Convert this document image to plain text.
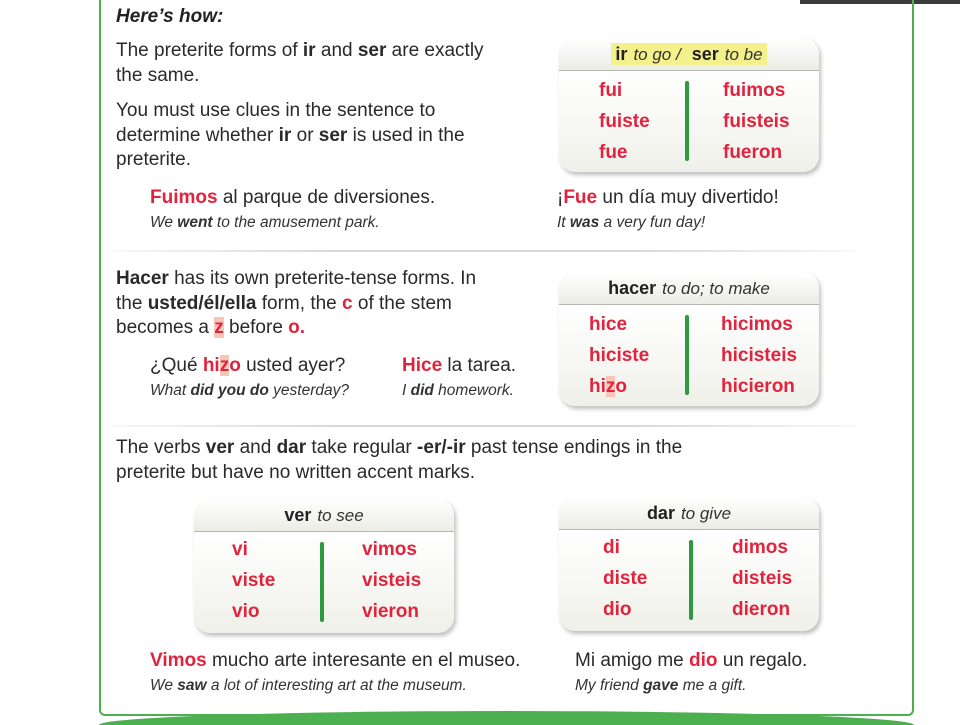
Here’s how:
The preterite forms of ir and ser are exactly
the same.
You must use clues in the sentence to
determine whether ir or ser is used in the
preterite.
Fuimos al parque de diversiones.
We went to the amusement park.
¡Fue un día muy divertido!
It was a very fun day!
ir to go / ser to be
fui
fuiste
fue
fuimos
fuisteis
fueron
Hacer has its own preterite-tense forms. In
the usted/él/ella form, the c of the stem
becomes a z before o.
¿Qué hizo usted ayer?
What did you do yesterday?
Hice la tarea.
I did homework.
hacer to do; to make
hice
hiciste
hizo
hicimos
hicisteis
hicieron
The verbs ver and dar take regular -er/-ir past tense endings in the
preterite but have no written accent marks.
ver to see
vi
viste
vio
vimos
visteis
vieron
dar to give
di
diste
dio
dimos
disteis
dieron
Vimos mucho arte interesante en el museo.
We saw a lot of interesting art at the museum.
Mi amigo me dio un regalo.
My friend gave me a gift.
